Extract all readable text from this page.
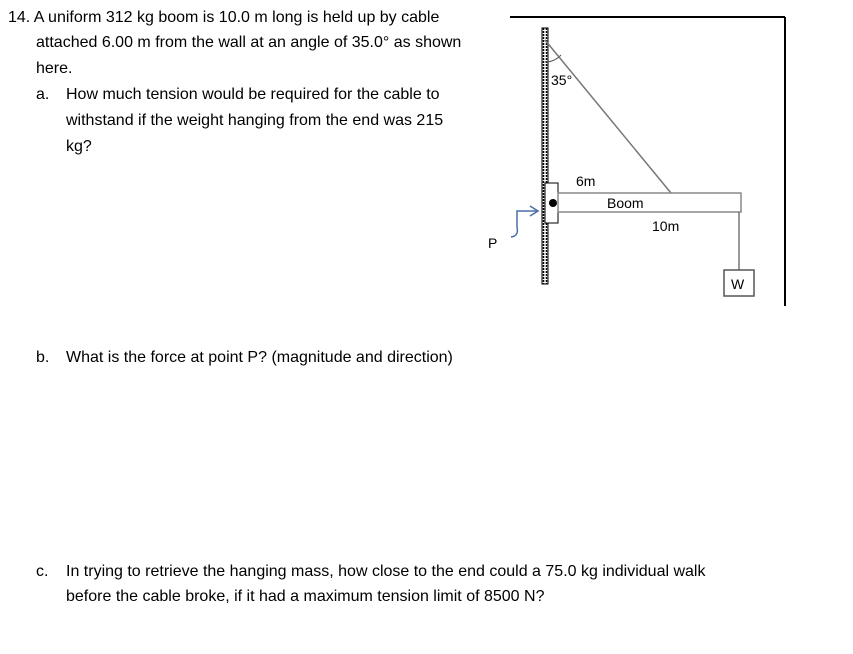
14. A uniform 312 kg boom is 10.0 m long is held up by cable
attached 6.00 m from the wall at an angle of 35.0° as shown
here.
a. How much tension would be required for the cable to
withstand if the weight hanging from the end was 215
kg?
b. What is the force at point P? (magnitude and direction)
c. In trying to retrieve the hanging mass, how close to the end could a 75.0 kg individual walk
before the cable broke, if it had a maximum tension limit of 8500 N?
35°
6m
Boom
10m
W
P
